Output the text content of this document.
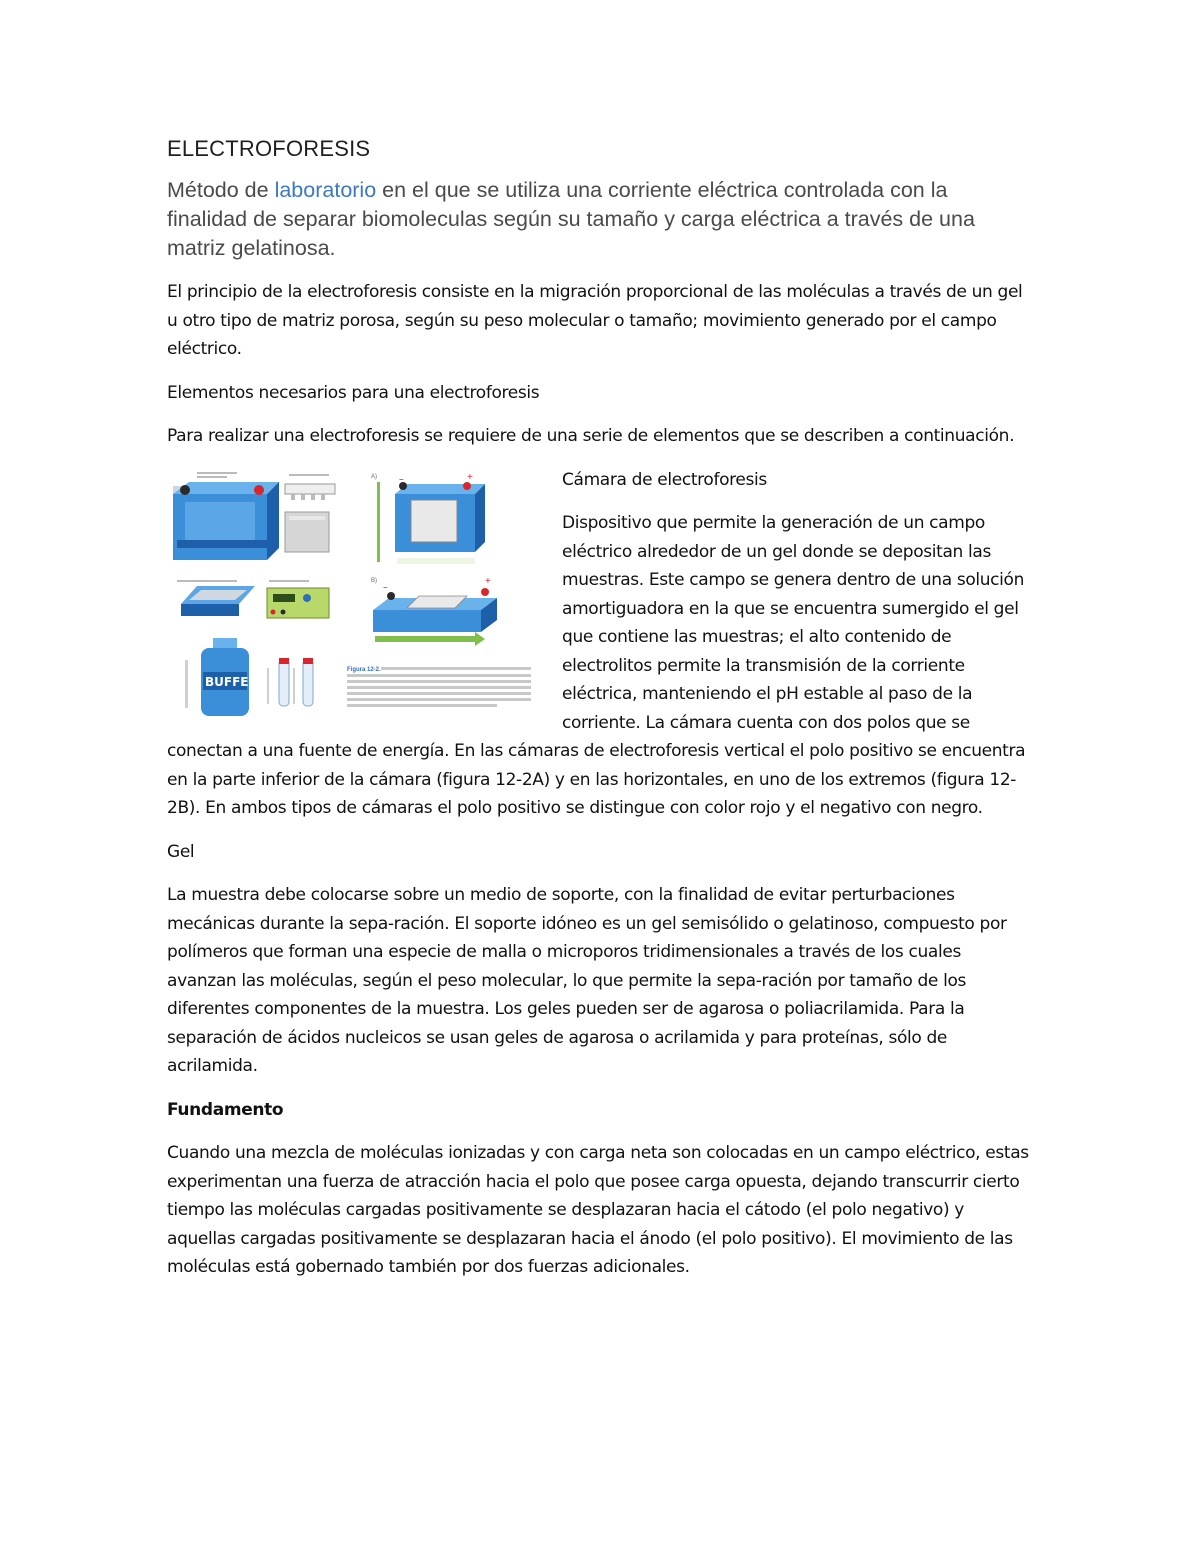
ELECTROFORESIS

Método de laboratorio en el que se utiliza una corriente eléctrica controlada con la finalidad de separar biomoleculas según su tamaño y carga eléctrica a través de una matriz gelatinosa.

El principio de la electroforesis consiste en la migración proporcional de las moléculas a través de un gel u otro tipo de matriz porosa, según su peso molecular o tamaño; movimiento generado por el campo eléctrico.

Elementos necesarios para una electroforesis

Para realizar una electroforesis se requiere de una serie de elementos que se describen a continuación.

A)	−	+
B)
−
+
BUFFER
Figura 12-2.

Cámara de electroforesis

Dispositivo que permite la generación de un campo eléctrico alrededor de un gel donde se depositan las muestras. Este campo se genera dentro de una solución amortiguadora en la que se encuentra sumergido el gel que contiene las muestras; el alto contenido de electrolitos permite la transmisión de la corriente eléctrica, manteniendo el pH estable al paso de la corriente. La cámara cuenta con dos polos que se conectan a una fuente de energía. En las cámaras de electroforesis vertical el polo positivo se encuentra en la parte inferior de la cámara (figura 12-2A) y en las horizontales, en uno de los extremos (figura 12-2B). En ambos tipos de cámaras el polo positivo se distingue con color rojo y el negativo con negro.

Gel

La muestra debe colocarse sobre un medio de soporte, con la finalidad de evitar perturbaciones mecánicas durante la sepa-ración. El soporte idóneo es un gel semisólido o gelatinoso, compuesto por polímeros que forman una especie de malla o microporos tridimensionales a través de los cuales avanzan las moléculas, según el peso molecular, lo que permite la sepa-ración por tamaño de los diferentes componentes de la muestra. Los geles pueden ser de agarosa o poliacrilamida. Para la separación de ácidos nucleicos se usan geles de agarosa o acrilamida y para proteínas, sólo de acrilamida.

Fundamento

Cuando una mezcla de moléculas ionizadas y con carga neta son colocadas en un campo eléctrico, estas experimentan una fuerza de atracción hacia el polo que posee carga opuesta, dejando transcurrir cierto tiempo las moléculas cargadas positivamente se desplazaran hacia el cátodo (el polo negativo) y aquellas cargadas positivamente se desplazaran hacia el ánodo (el polo positivo). El movimiento de las moléculas está gobernado también por dos fuerzas adicionales.
